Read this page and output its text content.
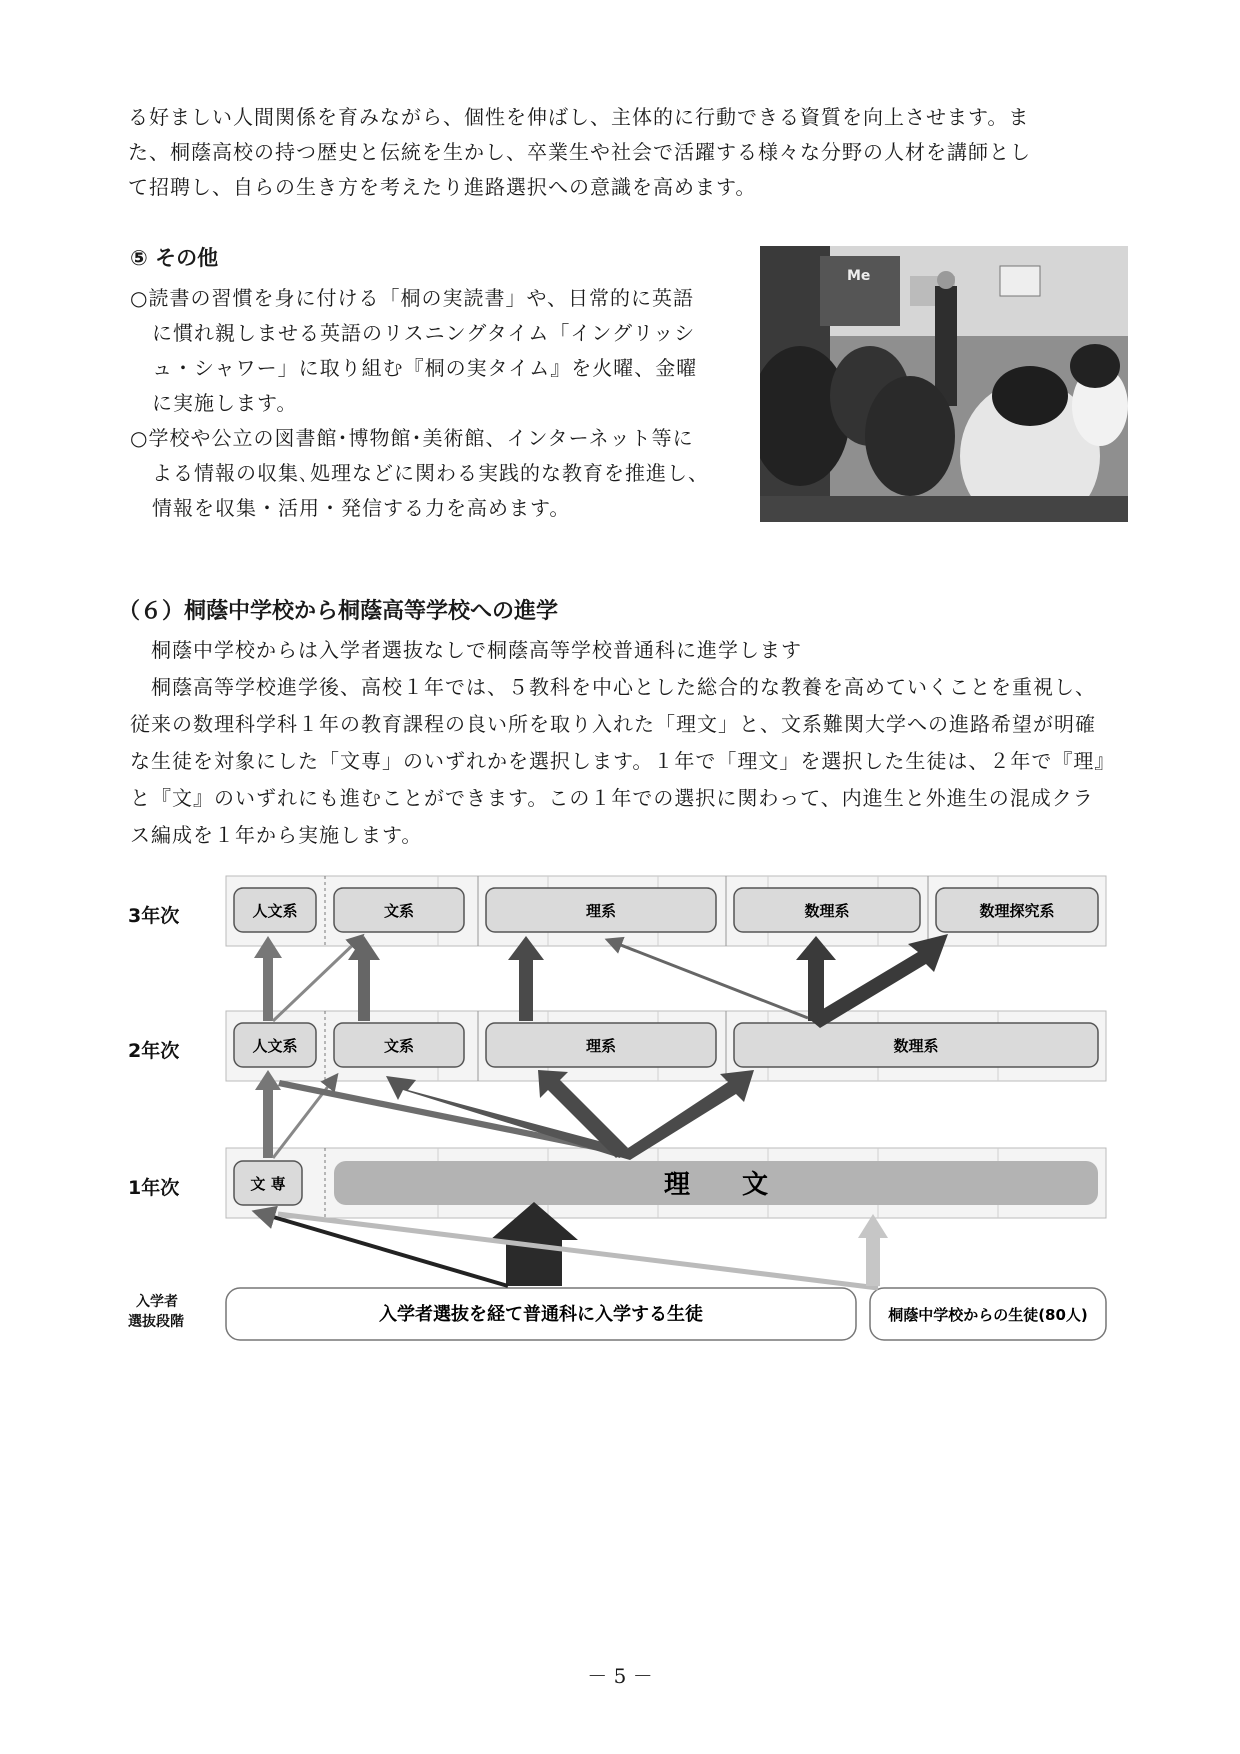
る好ましい人間関係を育みながら、個性を伸ばし、主体的に行動できる資質を向上させます。ま
た、桐蔭高校の持つ歴史と伝統を生かし、卒業生や社会で活躍する様々な分野の人材を講師とし
て招聘し、自らの生き方を考えたり進路選択への意識を高めます。
⑤ その他
○読書の習慣を身に付ける「桐の実読書」や、日常的に英語
に慣れ親しませる英語のリスニングタイム「イングリッシ
ュ・シャワー」に取り組む『桐の実タイム』を火曜、金曜
に実施します。
○学校や公立の図書館･博物館･美術館、インターネット等に
よる情報の収集､処理などに関わる実践的な教育を推進し、
情報を収集・活用・発信する力を高めます。
Me
（６）桐蔭中学校から桐蔭高等学校への進学
　桐蔭中学校からは入学者選抜なしで桐蔭高等学校普通科に進学します
　桐蔭高等学校進学後、高校１年では、５教科を中心とした総合的な教養を高めていくことを重視し、
従来の数理科学科１年の教育課程の良い所を取り入れた「理文」と、文系難関大学への進路希望が明確
な生徒を対象にした「文専」のいずれかを選択します。１年で「理文」を選択した生徒は、２年で『理』
と『文』のいずれにも進むことができます。この１年での選択に関わって、内進生と外進生の混成クラ
ス編成を１年から実施します。
3年次
2年次
1年次
入学者
選抜段階
人文系	文系	理系	数理系	数理探究系
人文系	文系	理系	数理系
文 専	理　　文
入学者選抜を経て普通科に入学する生徒	桐蔭中学校からの生徒(80人)
－ 5 －
